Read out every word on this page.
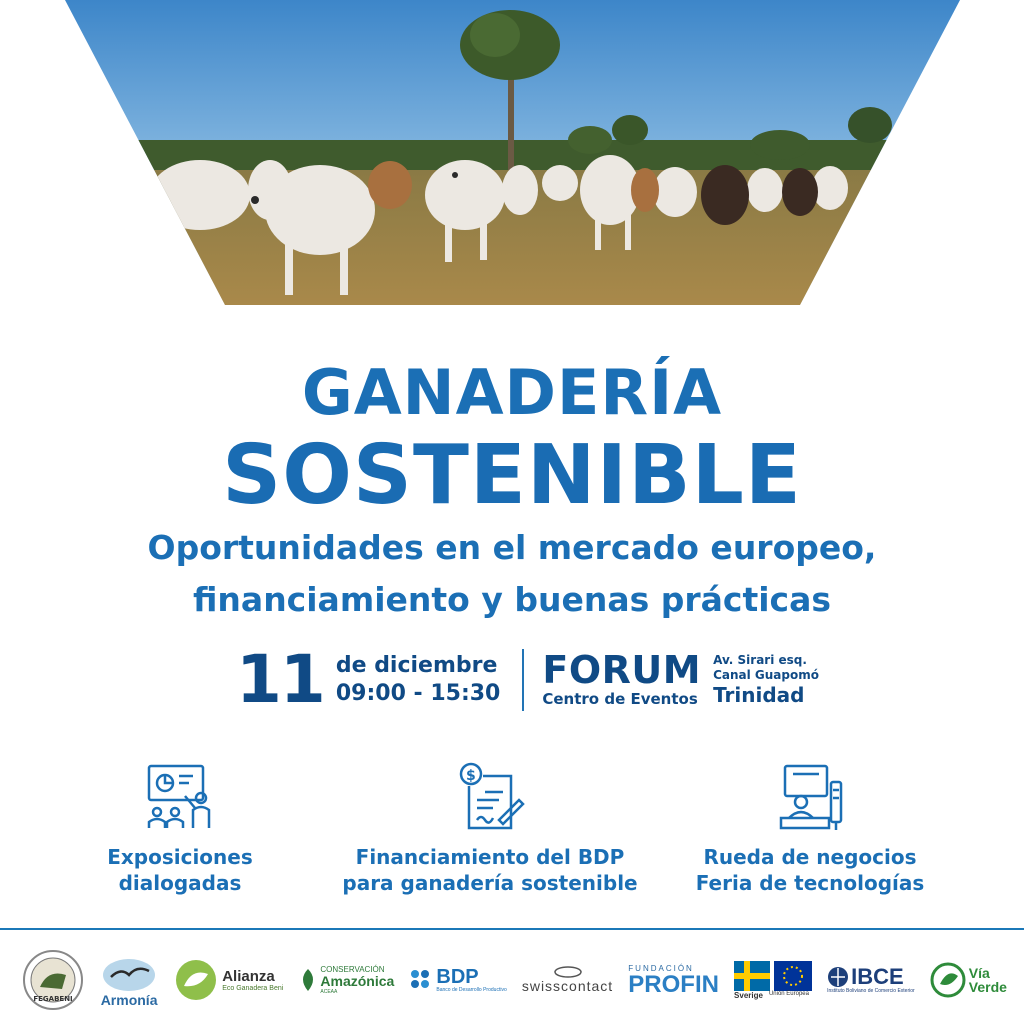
GANADERÍA
SOSTENIBLE

Oportunidades en el mercado europeo,

financiamiento y buenas prácticas

11 de diciembre
09:00 - 15:30
FORUM
Centro de Eventos
Av. Sirari esq.
Canal Guapomó
Trinidad
Exposiciones
dialogadas
$
Financiamiento del BDP
para ganadería sostenible
Rueda de negocios
Feria de tecnologías
FEGABENI Armonía
Alianza
Eco Ganadera Beni
CONSERVACIÓN
Amazónica
ACEAA
BDP
Banco de Desarrollo Productivo swisscontact
FUNDACIÓN
PROFIN Sverige Unión Europea
IBCE
Instituto Boliviano de Comercio Exterior
Vía
Verde
